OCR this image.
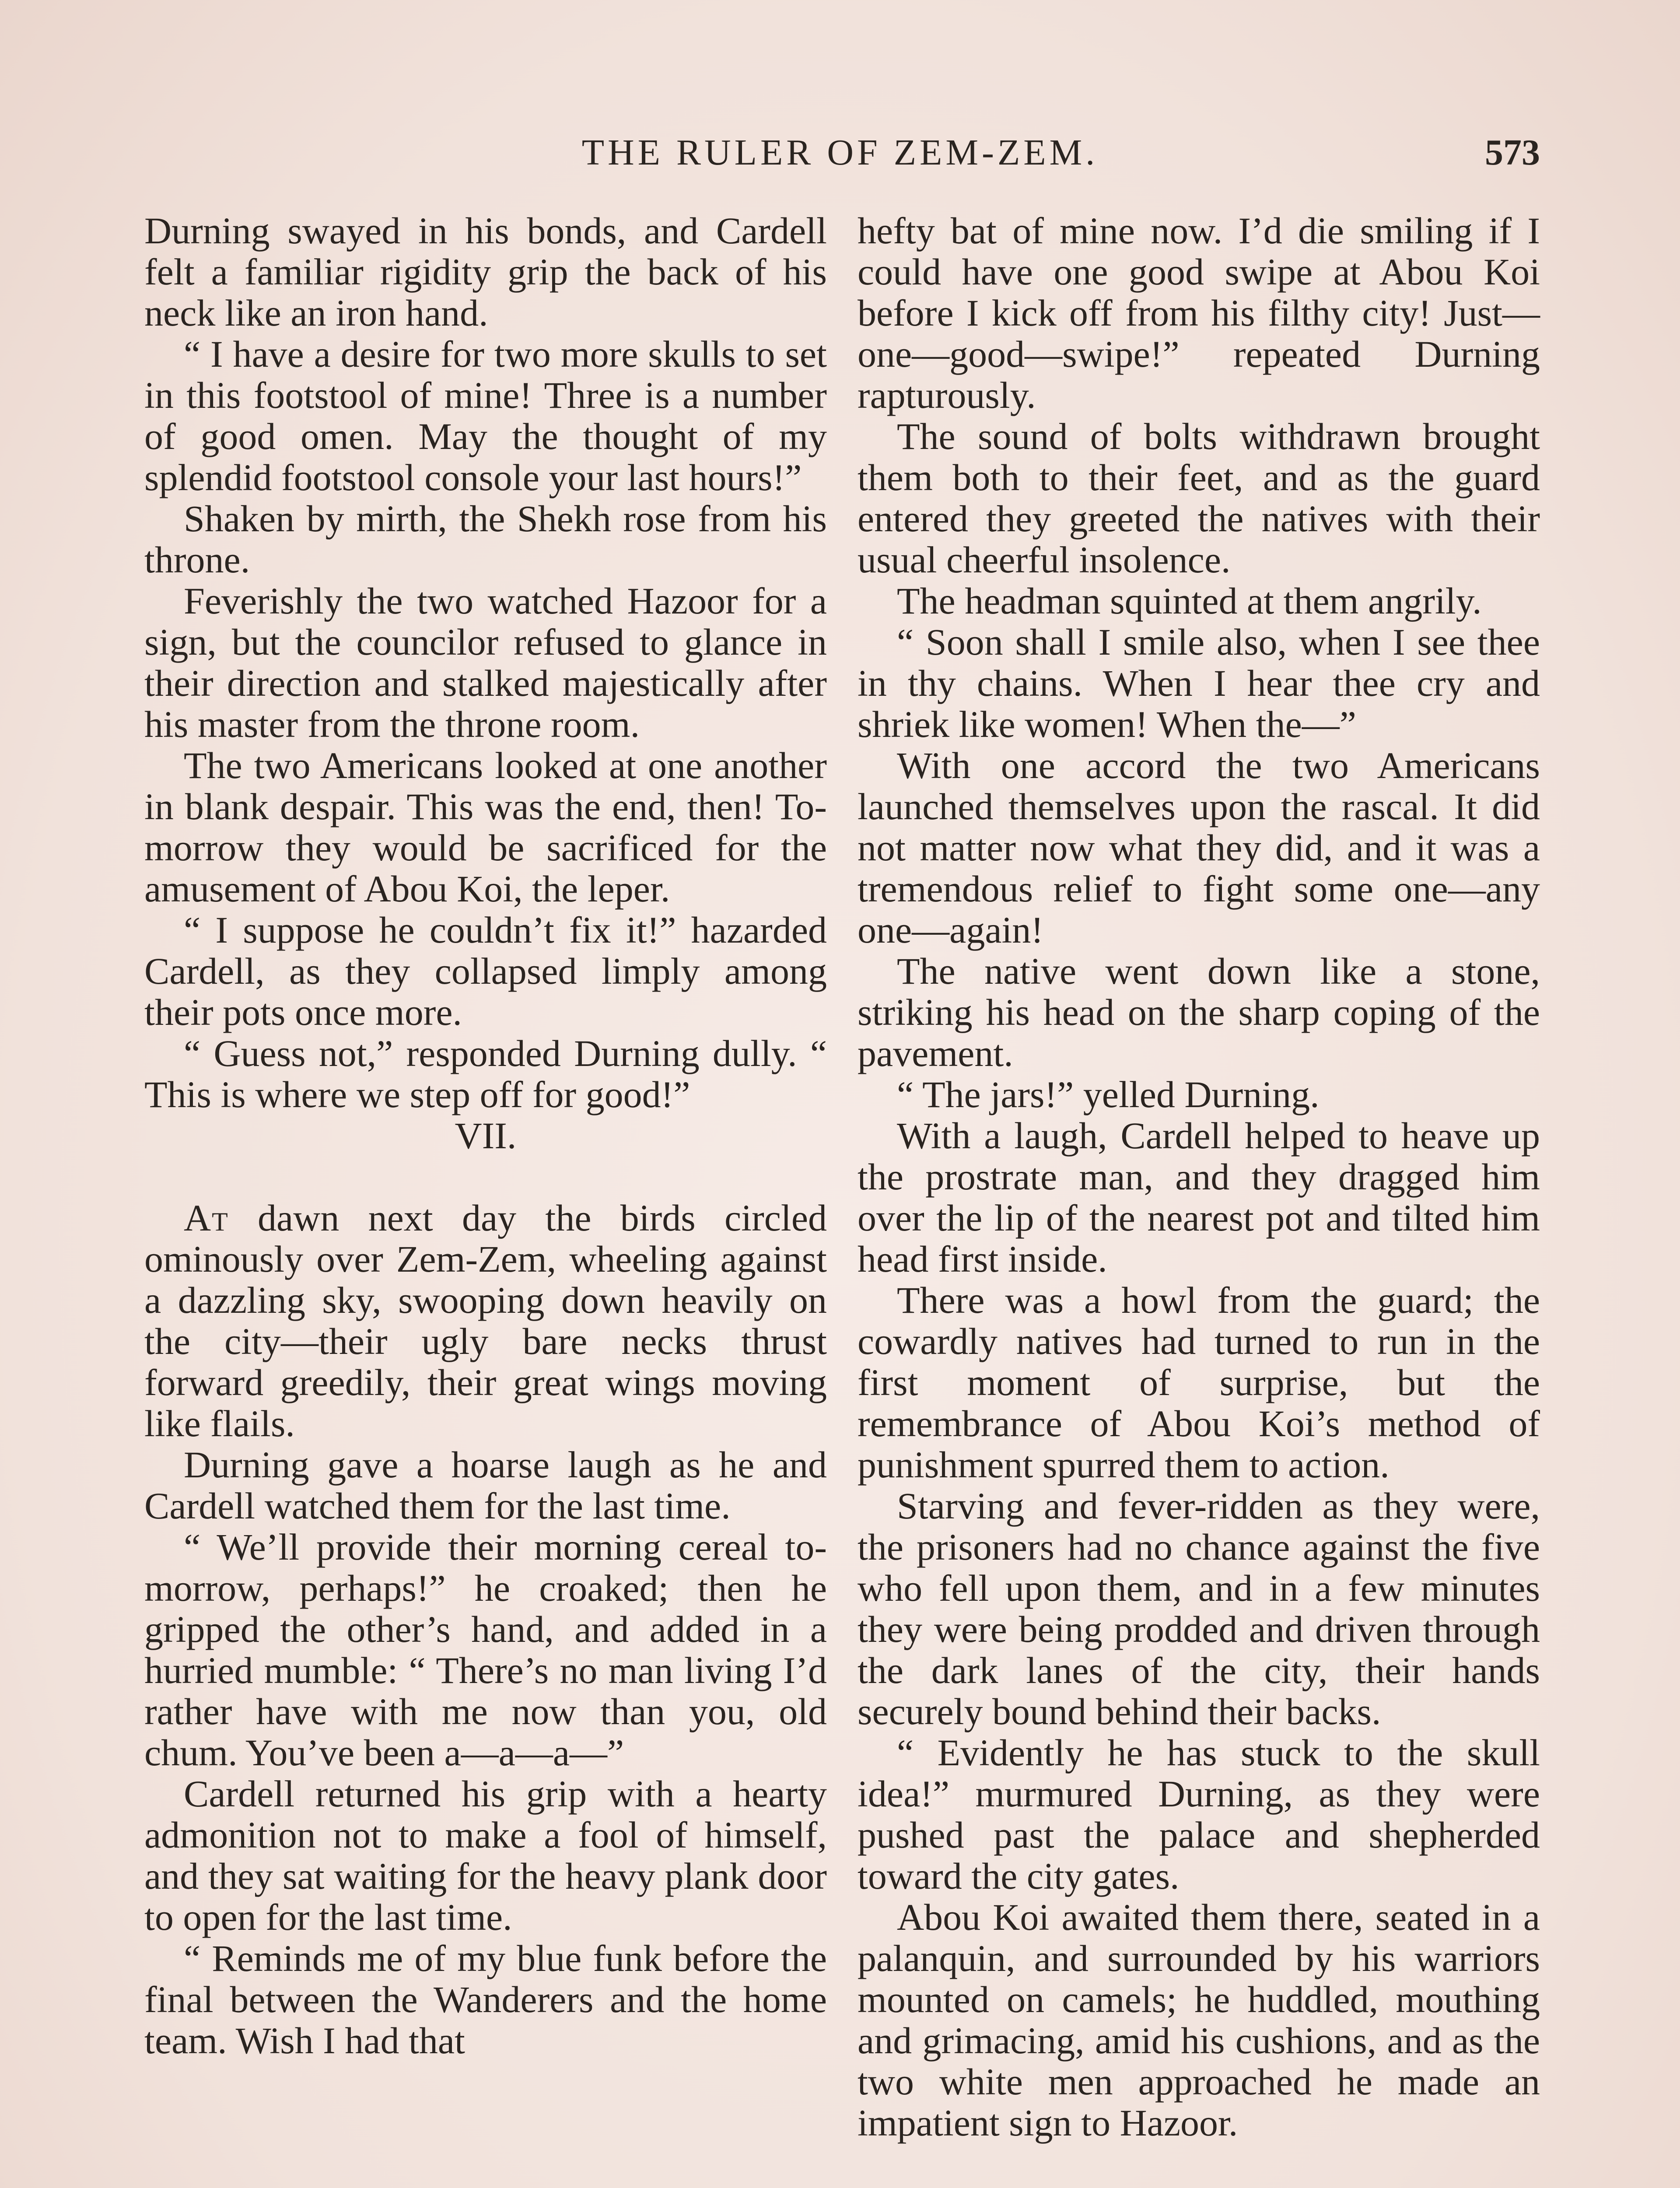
THE RULER OF ZEM-ZEM.	573

Durning swayed in his bonds, and Cardell felt a familiar rigidity grip the back of his neck like an iron hand.

“ I have a desire for two more skulls to set in this footstool of mine! Three is a number of good omen. May the thought of my splendid footstool console your last hours!”

Shaken by mirth, the Shekh rose from his throne.

Feverishly the two watched Hazoor for a sign, but the councilor refused to glance in their direction and stalked majestically after his master from the throne room.

The two Americans looked at one another in blank despair. This was the end, then! To-morrow they would be sacrificed for the amusement of Abou Koi, the leper.

“ I suppose he couldn’t fix it!” hazarded Cardell, as they collapsed limply among their pots once more.

“ Guess not,” responded Durning dully. “ This is where we step off for good!”

VII.

At dawn next day the birds circled ominously over Zem-Zem, wheeling against a dazzling sky, swooping down heavily on the city—their ugly bare necks thrust forward greedily, their great wings moving like flails.

Durning gave a hoarse laugh as he and Cardell watched them for the last time.

“ We’ll provide their morning cereal to-morrow, perhaps!” he croaked; then he gripped the other’s hand, and added in a hurried mumble: “ There’s no man living I’d rather have with me now than you, old chum. You’ve been a—a—a—”

Cardell returned his grip with a hearty admonition not to make a fool of himself, and they sat waiting for the heavy plank door to open for the last time.

“ Reminds me of my blue funk before the final between the Wanderers and the home team. Wish I had that

hefty bat of mine now. I’d die smiling if I could have one good swipe at Abou Koi before I kick off from his filthy city! Just—one—good—swipe!” repeated Durning rapturously.

The sound of bolts withdrawn brought them both to their feet, and as the guard entered they greeted the natives with their usual cheerful insolence.

The headman squinted at them angrily.

“ Soon shall I smile also, when I see thee in thy chains. When I hear thee cry and shriek like women! When the—”

With one accord the two Americans launched themselves upon the rascal. It did not matter now what they did, and it was a tremendous relief to fight some one—any one—again!

The native went down like a stone, striking his head on the sharp coping of the pavement.

“ The jars!” yelled Durning.

With a laugh, Cardell helped to heave up the prostrate man, and they dragged him over the lip of the nearest pot and tilted him head first inside.

There was a howl from the guard; the cowardly natives had turned to run in the first moment of surprise, but the remembrance of Abou Koi’s method of punishment spurred them to action.

Starving and fever-ridden as they were, the prisoners had no chance against the five who fell upon them, and in a few minutes they were being prodded and driven through the dark lanes of the city, their hands securely bound behind their backs.

“ Evidently he has stuck to the skull idea!” murmured Durning, as they were pushed past the palace and shepherded toward the city gates.

Abou Koi awaited them there, seated in a palanquin, and surrounded by his warriors mounted on camels; he huddled, mouthing and grimacing, amid his cushions, and as the two white men approached he made an impatient sign to Hazoor.
